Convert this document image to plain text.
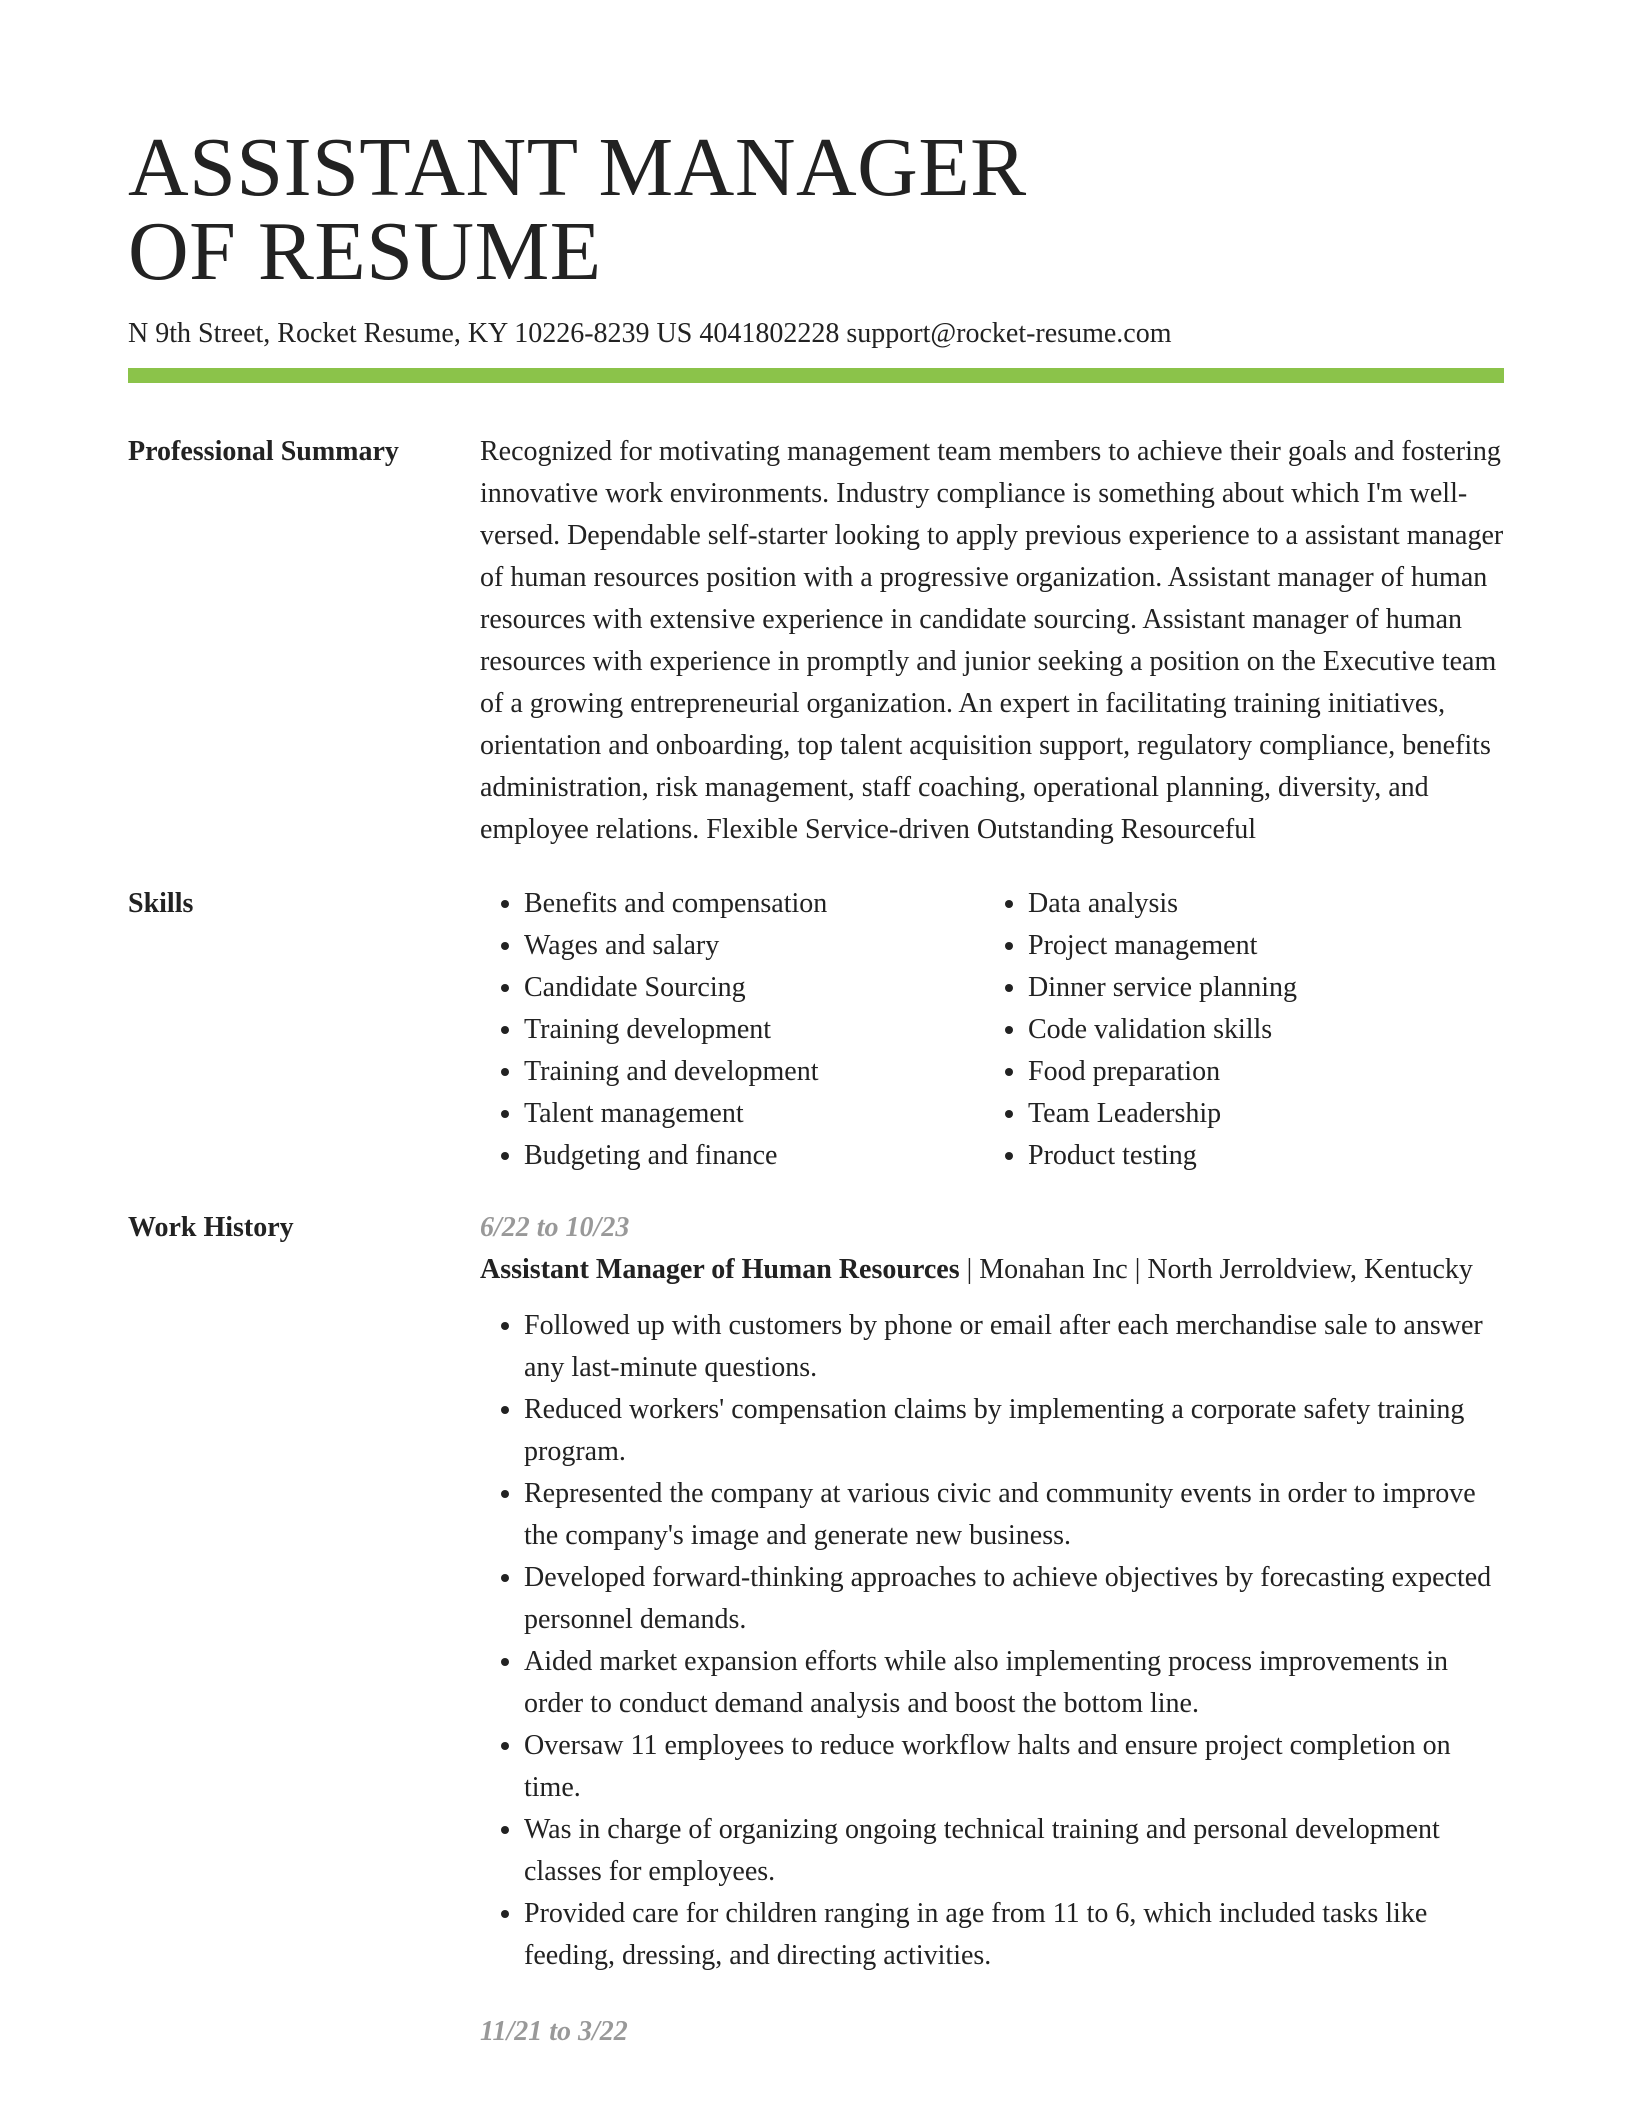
ASSISTANT MANAGER
OF RESUME
N 9th Street, Rocket Resume, KY 10226-8239 US 4041802228 support@rocket-resume.com
Professional Summary	Recognized for motivating management team members to achieve their goals and fostering innovative work environments. Industry compliance is something about which I'm well-versed. Dependable self-starter looking to apply previous experience to a assistant manager of human resources position with a progressive organization. Assistant manager of human resources with extensive experience in candidate sourcing. Assistant manager of human resources with experience in promptly and junior seeking a position on the Executive team of a growing entrepreneurial organization. An expert in facilitating training initiatives, orientation and onboarding, top talent acquisition support, regulatory compliance, benefits administration, risk management, staff coaching, operational planning, diversity, and employee relations. Flexible Service-driven Outstanding Resourceful

Skills
•	Benefits and compensation
• Wages and salary
• Candidate Sourcing
• Training development
• Training and development
• Talent management
• Budgeting and finance
• Data analysis
• Project management
• Dinner service planning
• Code validation skills
• Food preparation
• Team Leadership
• Product testing
Work History	6/22 to 10/23
Assistant Manager of Human Resources | Monahan Inc | North Jerroldview, Kentucky
• Followed up with customers by phone or email after each merchandise sale to answer any last-minute questions.
• Reduced workers' compensation claims by implementing a corporate safety training program.
• Represented the company at various civic and community events in order to improve the company's image and generate new business.
• Developed forward-thinking approaches to achieve objectives by forecasting expected personnel demands.
• Aided market expansion efforts while also implementing process improvements in order to conduct demand analysis and boost the bottom line.
• Oversaw 11 employees to reduce workflow halts and ensure project completion on time.
• Was in charge of organizing ongoing technical training and personal development classes for employees.
• Provided care for children ranging in age from 11 to 6, which included tasks like feeding, dressing, and directing activities.
11/21 to 3/22
